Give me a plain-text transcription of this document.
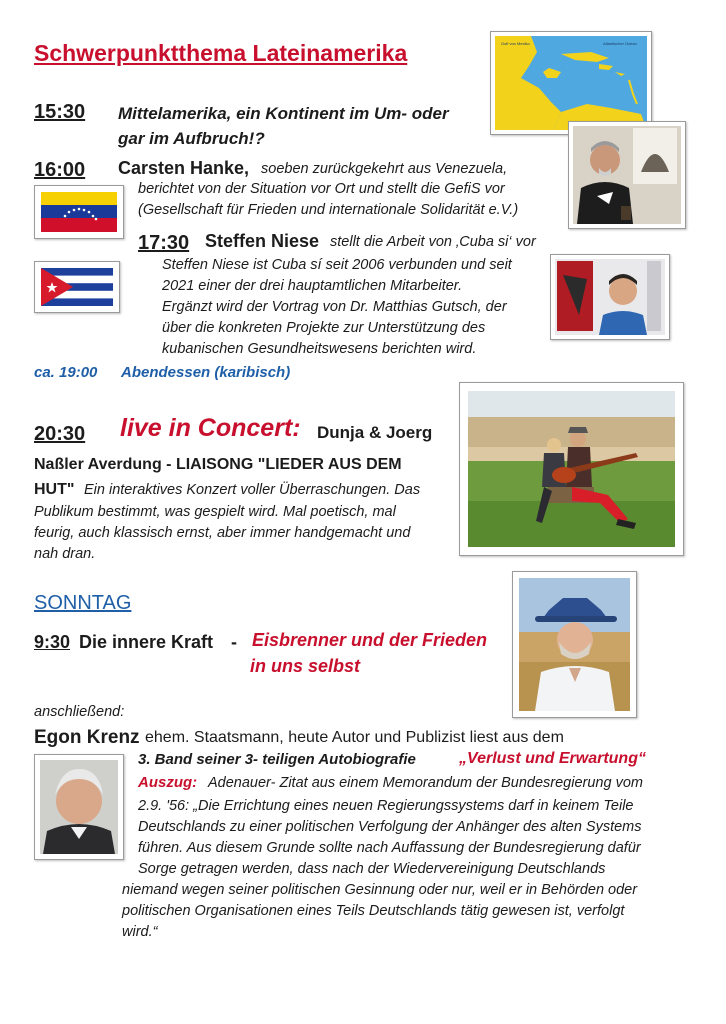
Schwerpunktthema Lateinamerika	Golf von Mexiko	Atlantischer Ozean
15:30 Mittelamerika, ein Kontinent im Um- oder
gar im Aufbruch!?
16:00 Carsten Hanke, soeben zurückgekehrt aus Venezuela,
berichtet von der Situation vor Ort und stellt die GefiS vor
(Gesellschaft für Frieden und internationale Solidarität e.V.)
17:30 Steffen Niese stellt die Arbeit von ‚Cuba si‘ vor
Steffen Niese ist Cuba sí seit 2006 verbunden und seit
2021 einer der drei hauptamtlichen Mitarbeiter.
Ergänzt wird der Vortrag von Dr. Matthias Gutsch, der
über die konkreten Projekte zur Unterstützung des
kubanischen Gesundheitswesens berichten wird.
ca. 19:00 Abendessen (karibisch)
20:30 live in Concert: Dunja & Joerg
Naßler Averdung - LIAISONG "LIEDER AUS DEM
HUT" Ein interaktives Konzert voller Überraschungen. Das
Publikum bestimmt, was gespielt wird. Mal poetisch, mal
feurig, auch klassisch ernst, aber immer handgemacht und
nah dran.
SONNTAG
9:30 Die innere Kraft - Eisbrenner und der Frieden
in uns selbst
anschließend:
Egon Krenz ehem. Staatsmann, heute Autor und Publizist liest aus dem
3. Band seiner 3- teiligen Autobiografie	„Verlust und Erwartung“
Auszug: Adenauer- Zitat aus einem Memorandum der Bundesregierung vom
2.9. '56: „Die Errichtung eines neuen Regierungssystems darf in keinem Teile
Deutschlands zu einer politischen Verfolgung der Anhänger des alten Systems
führen. Aus diesem Grunde sollte nach Auffassung der Bundesregierung dafür
Sorge getragen werden, dass nach der Wiedervereinigung Deutschlands
niemand wegen seiner politischen Gesinnung oder nur, weil er in Behörden oder
politischen Organisationen eines Teils Deutschlands tätig gewesen ist, verfolgt
wird.“
